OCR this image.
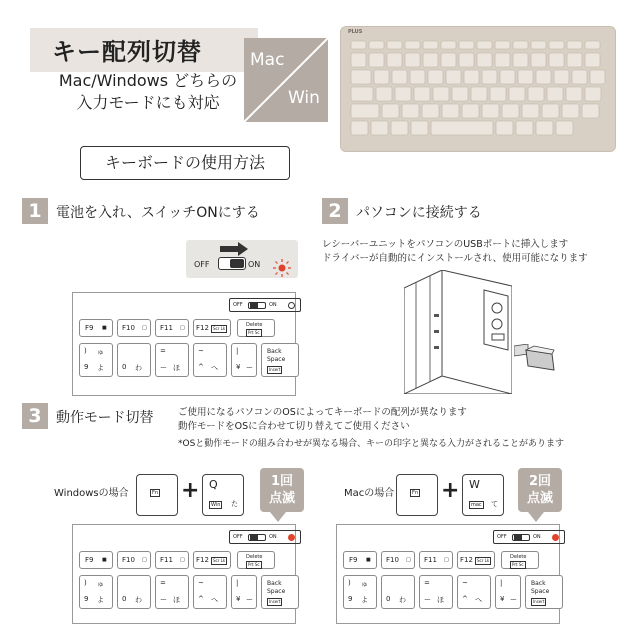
キー配列切替
Mac/Windows どちらの
入力モードにも対応
Mac
Win
PLUS
キーボードの使用方法
1	電池を入れ、スイッチONにする	2	パソコンに接続する
レシーバーユニットをパソコンのUSBポートに挿入します
ドライバーが自動的にインストールされ、使用可能になります
OFF	ON
OFF	ON
F9 ■ F10 □ F11 □ F12	Scr Lk
Delete
Prt Sc
) ゅ
9 よ	0 わ
=
ー ほ
~
^ へ
|
¥ ー
Back
Space
Insert
3	動作モード切替	ご使用になるパソコンのOSによってキーボードの配列が異なります
動作モードをOSに合わせて切り替えてご使用ください
*OSと動作モードの組み合わせが異なる場合、キーの印字と異なる入力がされることがあります
Windowsの場合	Fn + Q
Win た
1回
点滅
OFF	ON
F9 ■ F10 □ F11 □ F12	Scr Lk
Delete
Prt Sc
) ゅ
9 よ	0 わ
=
ー ほ
~
^ へ
|
¥ ー
Back
Space
Insert
Macの場合	Fn + W
mac て
2回
点滅
OFF	ON
F9 ■ F10 □ F11 □ F12	Scr Lk
Delete
Prt Sc
) ゅ
9 よ	0 わ
=
ー ほ
~
^ へ
|
¥ ー
Back
Space
Insert
